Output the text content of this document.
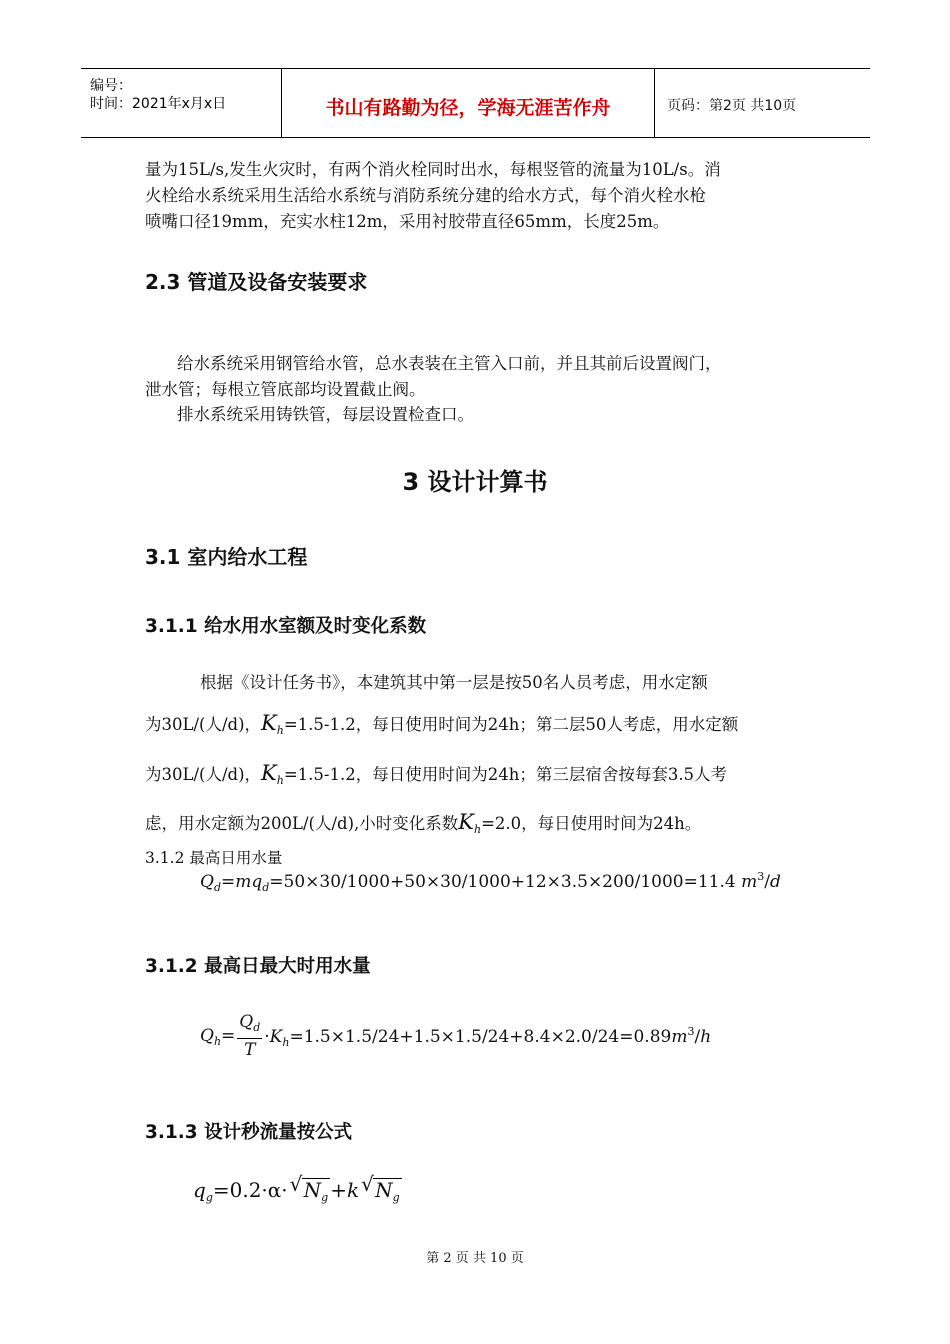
编号：
时间：2021年x月x日	书山有路勤为径，学海无涯苦作舟	页码：第2页 共10页
量为15L/s,发生火灾时，有两个消火栓同时出水，每根竖管的流量为10L/s。消
火栓给水系统采用生活给水系统与消防系统分建的给水方式，每个消火栓水枪
喷嘴口径19mm，充实水柱12m，采用衬胶带直径65mm，长度25m。
2.3 管道及设备安装要求
给水系统采用钢管给水管，总水表装在主管入口前，并且其前后设置阀门，
泄水管；每根立管底部均设置截止阀。
排水系统采用铸铁管，每层设置检查口。
3 设计计算书
3.1 室内给水工程
3.1.1 给水用水室额及时变化系数
根据《设计任务书》，本建筑其中第一层是按50名人员考虑，用水定额
为30L/(人/d)，$K_h=1.5-1.2$，每日使用时间为24h；第二层50人考虑，用水定额
为30L/(人/d)，$K_h=1.5-1.2$，每日使用时间为24h；第三层宿舍按每套3.5人考
虑，用水定额为200L/(人/d),小时变化系数$K_h=2.0$，每日使用时间为24h。
3.1.2 最高日用水量
$Q_d=mq_d=50\times 30/1000+50\times 30/1000+12\times 3.5\times 200/1000=11.4$ $m^3/d$
3.1.2 最高日最大时用水量
$Q_h= \frac{Q_d}{T} \cdot K_h=1.5\times 1.5/24+1.5\times 1.5/24+8.4\times 2.0/24=0.89m^3/h$
3.1.3 设计秒流量按公式
$q_g=0.2\cdot\alpha\cdot$ √ $N_g +k$ √ $N_g$
第 2 页 共 10 页
